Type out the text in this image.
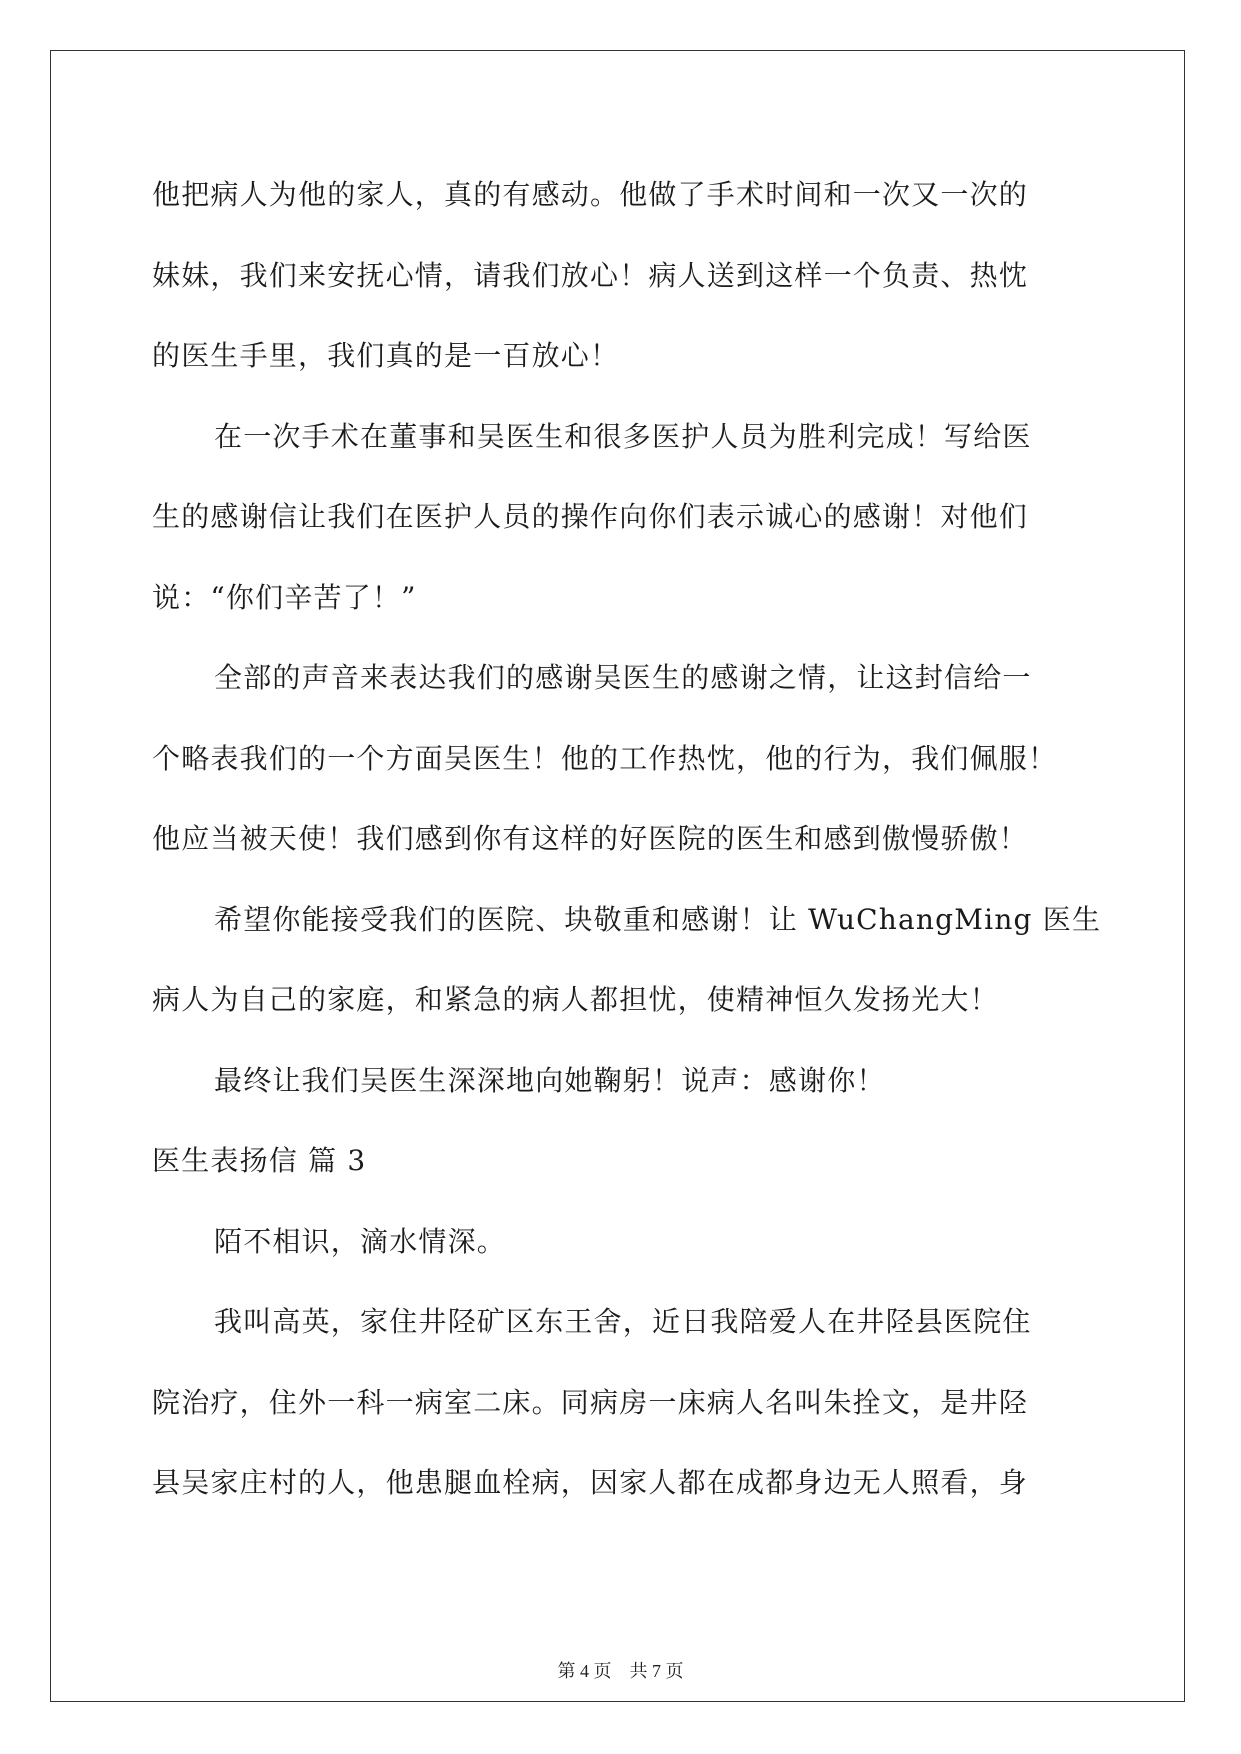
他把病人为他的家人，真的有感动。他做了手术时间和一次又一次的
妹妹，我们来安抚心情，请我们放心！病人送到这样一个负责、热忱
的医生手里，我们真的是一百放心！
在一次手术在董事和吴医生和很多医护人员为胜利完成！写给医
生的感谢信让我们在医护人员的操作向你们表示诚心的感谢！对他们
说：“你们辛苦了！”
全部的声音来表达我们的感谢吴医生的感谢之情，让这封信给一
个略表我们的一个方面吴医生！他的工作热忱，他的行为，我们佩服！
他应当被天使！我们感到你有这样的好医院的医生和感到傲慢骄傲！
希望你能接受我们的医院、块敬重和感谢！让 WuChangMing 医生
病人为自己的家庭，和紧急的病人都担忧，使精神恒久发扬光大！
最终让我们吴医生深深地向她鞠躬！说声：感谢你！
医生表扬信 篇 3
陌不相识，滴水情深。
我叫高英，家住井陉矿区东王舍，近日我陪爱人在井陉县医院住
院治疗，住外一科一病室二床。同病房一床病人名叫朱拴文，是井陉
县吴家庄村的人，他患腿血栓病，因家人都在成都身边无人照看，身
第 4 页　共 7 页
